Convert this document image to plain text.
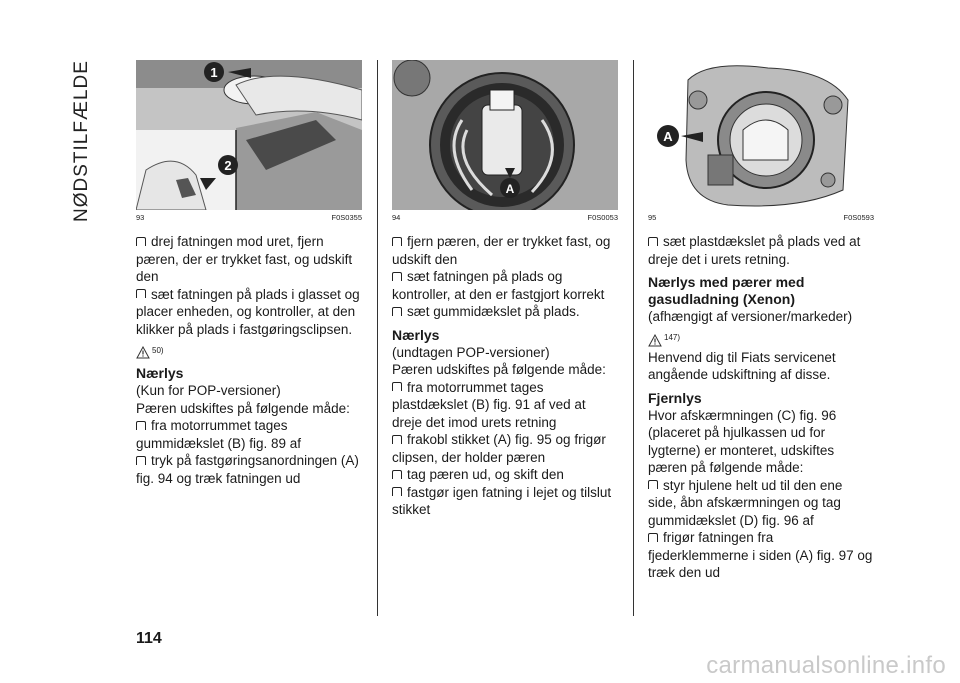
NØDSTILFÆLDE	1
2
93	F0S0355

drej fatningen mod uret, fjern pæren, der er trykket fast, og udskift den

sæt fatningen på plads i glasset og placer enheden, og kontroller, at den klikker på plads i fastgøringsclipsen.

50)
Nærlys

(Kun for POP-versioner)

Pæren udskiftes på følgende måde:

fra motorrummet tages gummidækslet (B) fig. 89 af

tryk på fastgøringsanordningen (A) fig. 94 og træk fatningen ud

A
94	F0S0053

fjern pæren, der er trykket fast, og udskift den

sæt fatningen på plads og kontroller, at den er fastgjort korrekt

sæt gummidækslet på plads.

Nærlys

(undtagen POP-versioner)

Pæren udskiftes på følgende måde:

fra motorrummet tages plastdækslet (B) fig. 91 af ved at dreje det imod urets retning

frakobl stikket (A) fig. 95 og frigør clipsen, der holder pæren

tag pæren ud, og skift den

fastgør igen fatning i lejet og tilslut stikket

A
95	F0S0593

sæt plastdækslet på plads ved at dreje det i urets retning.

Nærlys med pærer med gasudladning (Xenon)

(afhængigt af versioner/markeder)

147)

Henvend dig til Fiats servicenet angående udskiftning af disse.

Fjernlys

Hvor afskærmningen (C) fig. 96 (placeret på hjulkassen ud for lygterne) er monteret, udskiftes pæren på følgende måde:

styr hjulene helt ud til den ene side, åbn afskærmningen og tag gummidækslet (D) fig. 96 af

frigør fatningen fra fjederklemmerne i siden (A) fig. 97 og træk den ud

114
carmanualsonline.info
